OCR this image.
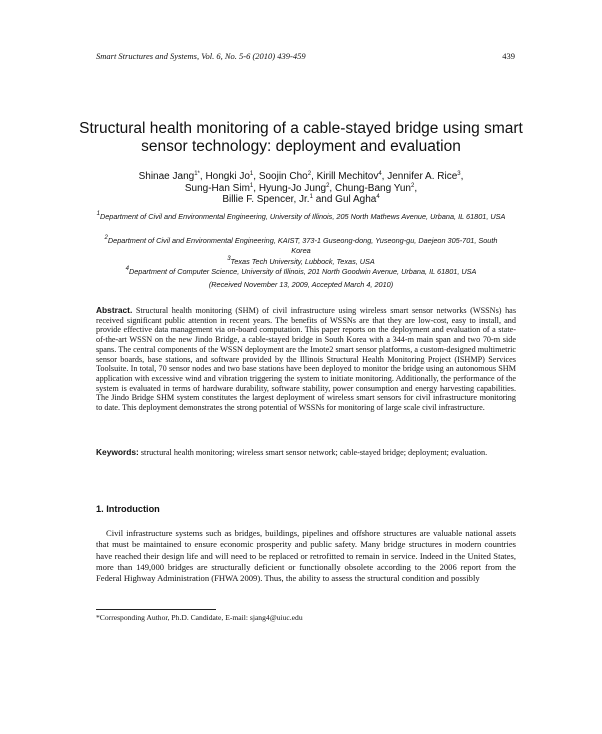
Smart Structures and Systems, Vol. 6, No. 5-6 (2010) 439-459	439
Structural health monitoring of a cable-stayed bridge using smart sensor technology: deployment and evaluation
Shinae Jang$^{1*}$, Hongki Jo$^1$, Soojin Cho$^2$, Kirill Mechitov$^4$, Jennifer A. Rice$^3$,
Sung-Han Sim$^1$, Hyung-Jo Jung$^2$, Chung-Bang Yun$^2$,
Billie F. Spencer, Jr.$^1$ and Gul Agha$^4$
$^1$Department of Civil and Environmental Engineering, University of Illinois, 205 North Mathews Avenue, Urbana, IL 61801, USA
$^2$Department of Civil and Environmental Engineering, KAIST, 373-1 Guseong-dong, Yuseong-gu, Daejeon 305-701, South Korea
$^3$Texas Tech University, Lubbock, Texas, USA
$^4$Department of Computer Science, University of Illinois, 201 North Goodwin Avenue, Urbana, IL 61801, USA
(Received November 13, 2009, Accepted March 4, 2010)
Abstract. Structural health monitoring (SHM) of civil infrastructure using wireless smart sensor networks (WSSNs) has received significant public attention in recent years. The benefits of WSSNs are that they are low-cost, easy to install, and provide effective data management via on-board computation. This paper reports on the deployment and evaluation of a state-of-the-art WSSN on the new Jindo Bridge, a cable-stayed bridge in South Korea with a 344-m main span and two 70-m side spans. The central components of the WSSN deployment are the Imote2 smart sensor platforms, a custom-designed multimetric sensor boards, base stations, and software provided by the Illinois Structural Health Monitoring Project (ISHMP) Services Toolsuite. In total, 70 sensor nodes and two base stations have been deployed to monitor the bridge using an autonomous SHM application with excessive wind and vibration triggering the system to initiate monitoring. Additionally, the performance of the system is evaluated in terms of hardware durability, software stability, power consumption and energy harvesting capabilities. The Jindo Bridge SHM system constitutes the largest deployment of wireless smart sensors for civil infrastructure monitoring to date. This deployment demonstrates the strong potential of WSSNs for monitoring of large scale civil infrastructure.
Keywords: structural health monitoring; wireless smart sensor network; cable-stayed bridge; deployment; evaluation.
1. Introduction
Civil infrastructure systems such as bridges, buildings, pipelines and offshore structures are valuable national assets that must be maintained to ensure economic prosperity and public safety. Many bridge structures in modern countries have reached their design life and will need to be replaced or retrofitted to remain in service. Indeed in the United States, more than 149,000 bridges are structurally deficient or functionally obsolete according to the 2006 report from the Federal Highway Administration (FHWA 2009). Thus, the ability to assess the structural condition and possibly
*Corresponding Author, Ph.D. Candidate, E-mail: sjang4@uiuc.edu
